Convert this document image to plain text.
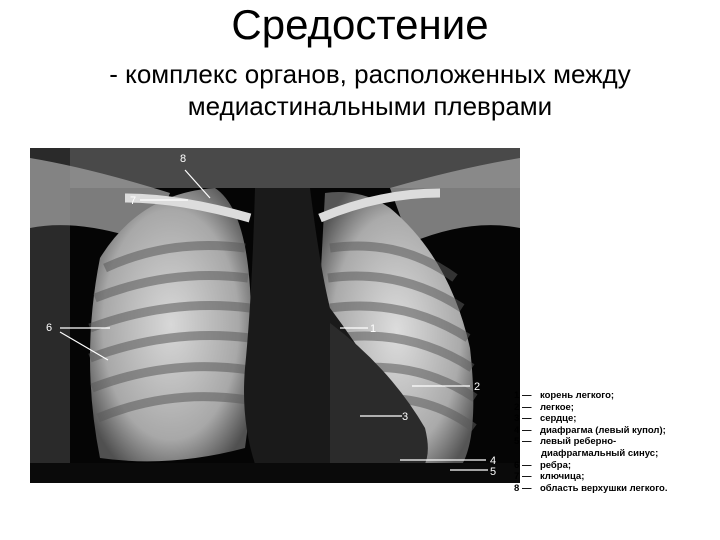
Средостение
- комплекс органов, расположенных между
медиастинальными плеврами
8
7
6	1
2
3
4
5
1 — корень легкого;
2 — легкое;
3 — сердце;
4 — диафрагма (левый купол);
5 — левый реберно-
диафрагмальный синус;
6 — ребра;
7 — ключица;
8 — область верхушки легкого.
